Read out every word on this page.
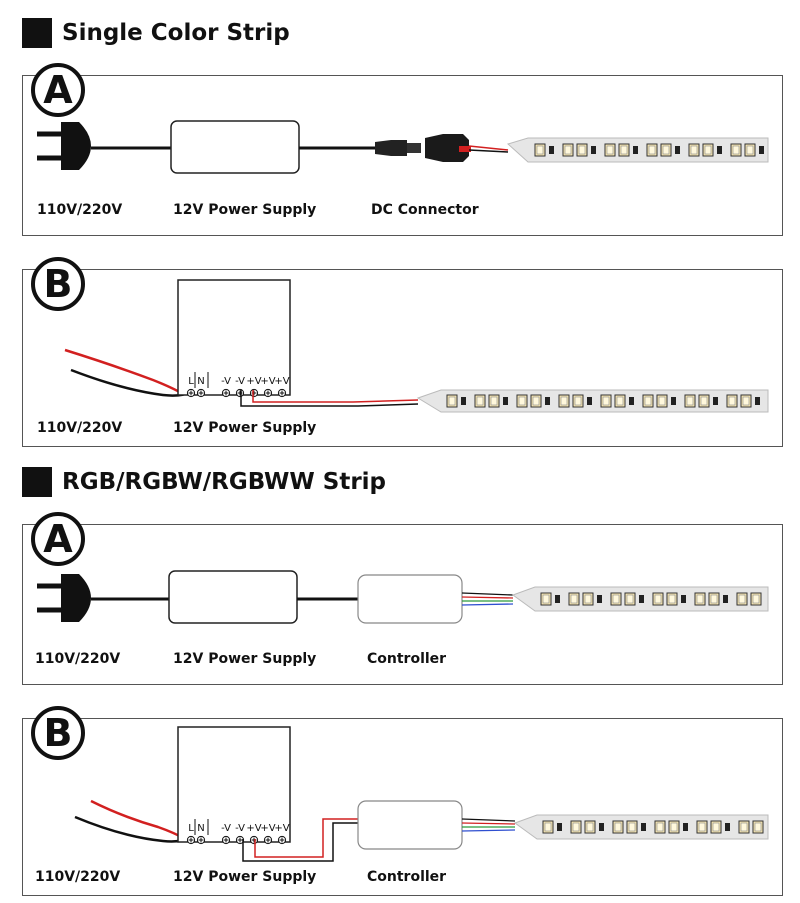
Single Color Strip
A
110V/220V	12V Power Supply	DC Connector
L N -V -V +V
+V
+V
B
110V/220V	12V Power Supply
RGB/RGBW/RGBWW Strip
A
110V/220V	12V Power Supply	Controller
L N -V -V +V
+V
+V
B
110V/220V	12V Power Supply	Controller
